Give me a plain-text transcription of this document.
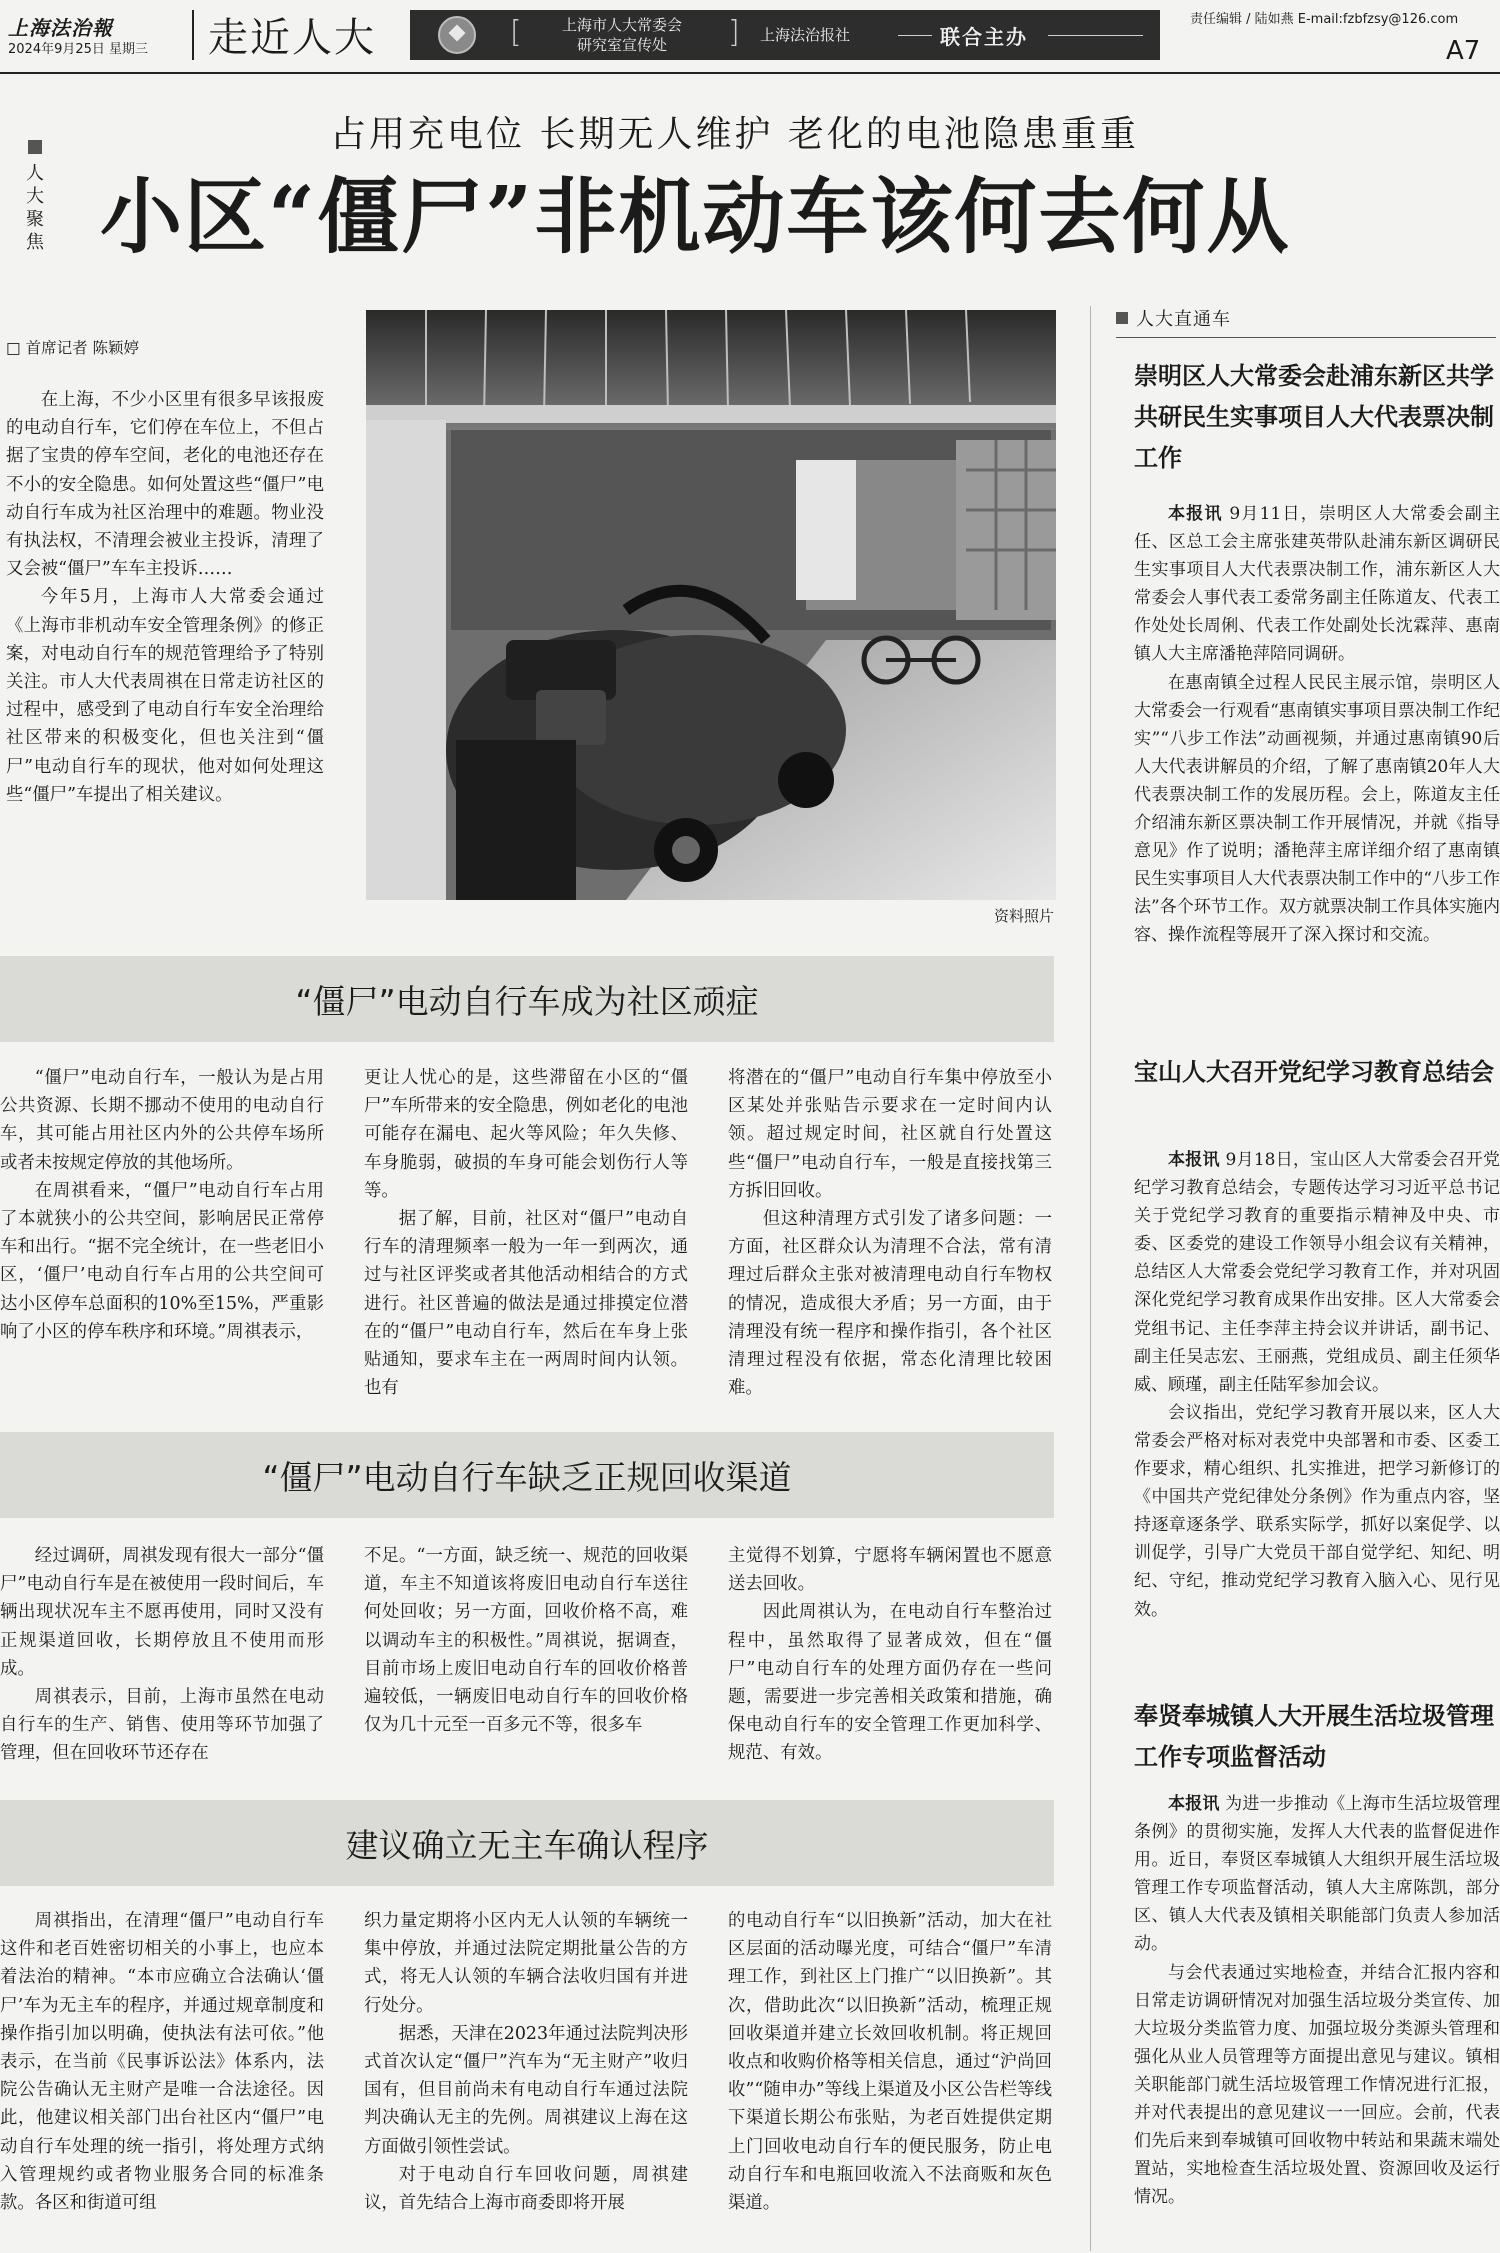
上海法治報
2024年9月25日 星期三 走近人大	[	上海市人大常委会
研究室宣传处	] 上海法治报社	联合主办
责任编辑 / 陆如燕 E-mail:fzbfzsy@126.com
A7
人
大
聚
焦
占用充电位 长期无人维护 老化的电池隐患重重
小区“僵尸”非机动车该何去何从
□ 首席记者 陈颖婷

在上海，不少小区里有很多早该报废的电动自行车，它们停在车位上，不但占据了宝贵的停车空间，老化的电池还存在不小的安全隐患。如何处置这些“僵尸”电动自行车成为社区治理中的难题。物业没有执法权，不清理会被业主投诉，清理了又会被“僵尸”车车主投诉……

今年5月，上海市人大常委会通过《上海市非机动车安全管理条例》的修正案，对电动自行车的规范管理给予了特别关注。市人大代表周祺在日常走访社区的过程中，感受到了电动自行车安全治理给社区带来的积极变化，但也关注到“僵尸”电动自行车的现状，他对如何处理这些“僵尸”车提出了相关建议。

资料照片
“僵尸”电动自行车成为社区顽症

“僵尸”电动自行车，一般认为是占用公共资源、长期不挪动不使用的电动自行车，其可能占用社区内外的公共停车场所或者未按规定停放的其他场所。

在周祺看来，“僵尸”电动自行车占用了本就狭小的公共空间，影响居民正常停车和出行。“据不完全统计，在一些老旧小区，‘僵尸’电动自行车占用的公共空间可达小区停车总面积的10%至15%，严重影响了小区的停车秩序和环境。”周祺表示，

更让人忧心的是，这些滞留在小区的“僵尸”车所带来的安全隐患，例如老化的电池可能存在漏电、起火等风险；年久失修、车身脆弱，破损的车身可能会划伤行人等等。

据了解，目前，社区对“僵尸”电动自行车的清理频率一般为一年一到两次，通过与社区评奖或者其他活动相结合的方式进行。社区普遍的做法是通过排摸定位潜在的“僵尸”电动自行车，然后在车身上张贴通知，要求车主在一两周时间内认领。也有

将潜在的“僵尸”电动自行车集中停放至小区某处并张贴告示要求在一定时间内认领。超过规定时间，社区就自行处置这些“僵尸”电动自行车，一般是直接找第三方拆旧回收。

但这种清理方式引发了诸多问题：一方面，社区群众认为清理不合法，常有清理过后群众主张对被清理电动自行车物权的情况，造成很大矛盾；另一方面，由于清理没有统一程序和操作指引，各个社区清理过程没有依据，常态化清理比较困难。

“僵尸”电动自行车缺乏正规回收渠道

经过调研，周祺发现有很大一部分“僵尸”电动自行车是在被使用一段时间后，车辆出现状况车主不愿再使用，同时又没有正规渠道回收，长期停放且不使用而形成。

周祺表示，目前，上海市虽然在电动自行车的生产、销售、使用等环节加强了管理，但在回收环节还存在

不足。“一方面，缺乏统一、规范的回收渠道，车主不知道该将废旧电动自行车送往何处回收；另一方面，回收价格不高，难以调动车主的积极性。”周祺说，据调查，目前市场上废旧电动自行车的回收价格普遍较低，一辆废旧电动自行车的回收价格仅为几十元至一百多元不等，很多车

主觉得不划算，宁愿将车辆闲置也不愿意送去回收。

因此周祺认为，在电动自行车整治过程中，虽然取得了显著成效，但在“僵尸”电动自行车的处理方面仍存在一些问题，需要进一步完善相关政策和措施，确保电动自行车的安全管理工作更加科学、规范、有效。

建议确立无主车确认程序

周祺指出，在清理“僵尸”电动自行车这件和老百姓密切相关的小事上，也应本着法治的精神。“本市应确立合法确认‘僵尸’车为无主车的程序，并通过规章制度和操作指引加以明确，使执法有法可依。”他表示，在当前《民事诉讼法》体系内，法院公告确认无主财产是唯一合法途径。因此，他建议相关部门出台社区内“僵尸”电动自行车处理的统一指引，将处理方式纳入管理规约或者物业服务合同的标准条款。各区和街道可组

织力量定期将小区内无人认领的车辆统一集中停放，并通过法院定期批量公告的方式，将无人认领的车辆合法收归国有并进行处分。

据悉，天津在2023年通过法院判决形式首次认定“僵尸”汽车为“无主财产”收归国有，但目前尚未有电动自行车通过法院判决确认无主的先例。周祺建议上海在这方面做引领性尝试。

对于电动自行车回收问题，周祺建议，首先结合上海市商委即将开展

的电动自行车“以旧换新”活动，加大在社区层面的活动曝光度，可结合“僵尸”车清理工作，到社区上门推广“以旧换新”。其次，借助此次“以旧换新”活动，梳理正规回收渠道并建立长效回收机制。将正规回收点和收购价格等相关信息，通过“沪尚回收”“随申办”等线上渠道及小区公告栏等线下渠道长期公布张贴，为老百姓提供定期上门回收电动自行车的便民服务，防止电动自行车和电瓶回收流入不法商贩和灰色渠道。

人大直通车
崇明区人大常委会赴浦东新区共学共研民生实事项目人大代表票决制工作

本报讯 9月11日，崇明区人大常委会副主任、区总工会主席张建英带队赴浦东新区调研民生实事项目人大代表票决制工作，浦东新区人大常委会人事代表工委常务副主任陈道友、代表工作处处长周俐、代表工作处副处长沈霖萍、惠南镇人大主席潘艳萍陪同调研。

在惠南镇全过程人民民主展示馆，崇明区人大常委会一行观看“惠南镇实事项目票决制工作纪实”“八步工作法”动画视频，并通过惠南镇90后人大代表讲解员的介绍，了解了惠南镇20年人大代表票决制工作的发展历程。会上，陈道友主任介绍浦东新区票决制工作开展情况，并就《指导意见》作了说明；潘艳萍主席详细介绍了惠南镇民生实事项目人大代表票决制工作中的“八步工作法”各个环节工作。双方就票决制工作具体实施内容、操作流程等展开了深入探讨和交流。

宝山人大召开党纪学习教育总结会

本报讯 9月18日，宝山区人大常委会召开党纪学习教育总结会，专题传达学习习近平总书记关于党纪学习教育的重要指示精神及中央、市委、区委党的建设工作领导小组会议有关精神，总结区人大常委会党纪学习教育工作，并对巩固深化党纪学习教育成果作出安排。区人大常委会党组书记、主任李萍主持会议并讲话，副书记、副主任吴志宏、王丽燕，党组成员、副主任须华威、顾瑾，副主任陆军参加会议。

会议指出，党纪学习教育开展以来，区人大常委会严格对标对表党中央部署和市委、区委工作要求，精心组织、扎实推进，把学习新修订的《中国共产党纪律处分条例》作为重点内容，坚持逐章逐条学、联系实际学，抓好以案促学、以训促学，引导广大党员干部自觉学纪、知纪、明纪、守纪，推动党纪学习教育入脑入心、见行见效。

奉贤奉城镇人大开展生活垃圾管理工作专项监督活动

本报讯 为进一步推动《上海市生活垃圾管理条例》的贯彻实施，发挥人大代表的监督促进作用。近日，奉贤区奉城镇人大组织开展生活垃圾管理工作专项监督活动，镇人大主席陈凯，部分区、镇人大代表及镇相关职能部门负责人参加活动。

与会代表通过实地检查，并结合汇报内容和日常走访调研情况对加强生活垃圾分类宣传、加大垃圾分类监管力度、加强垃圾分类源头管理和强化从业人员管理等方面提出意见与建议。镇相关职能部门就生活垃圾管理工作情况进行汇报，并对代表提出的意见建议一一回应。会前，代表们先后来到奉城镇可回收物中转站和果蔬末端处置站，实地检查生活垃圾处置、资源回收及运行情况。
